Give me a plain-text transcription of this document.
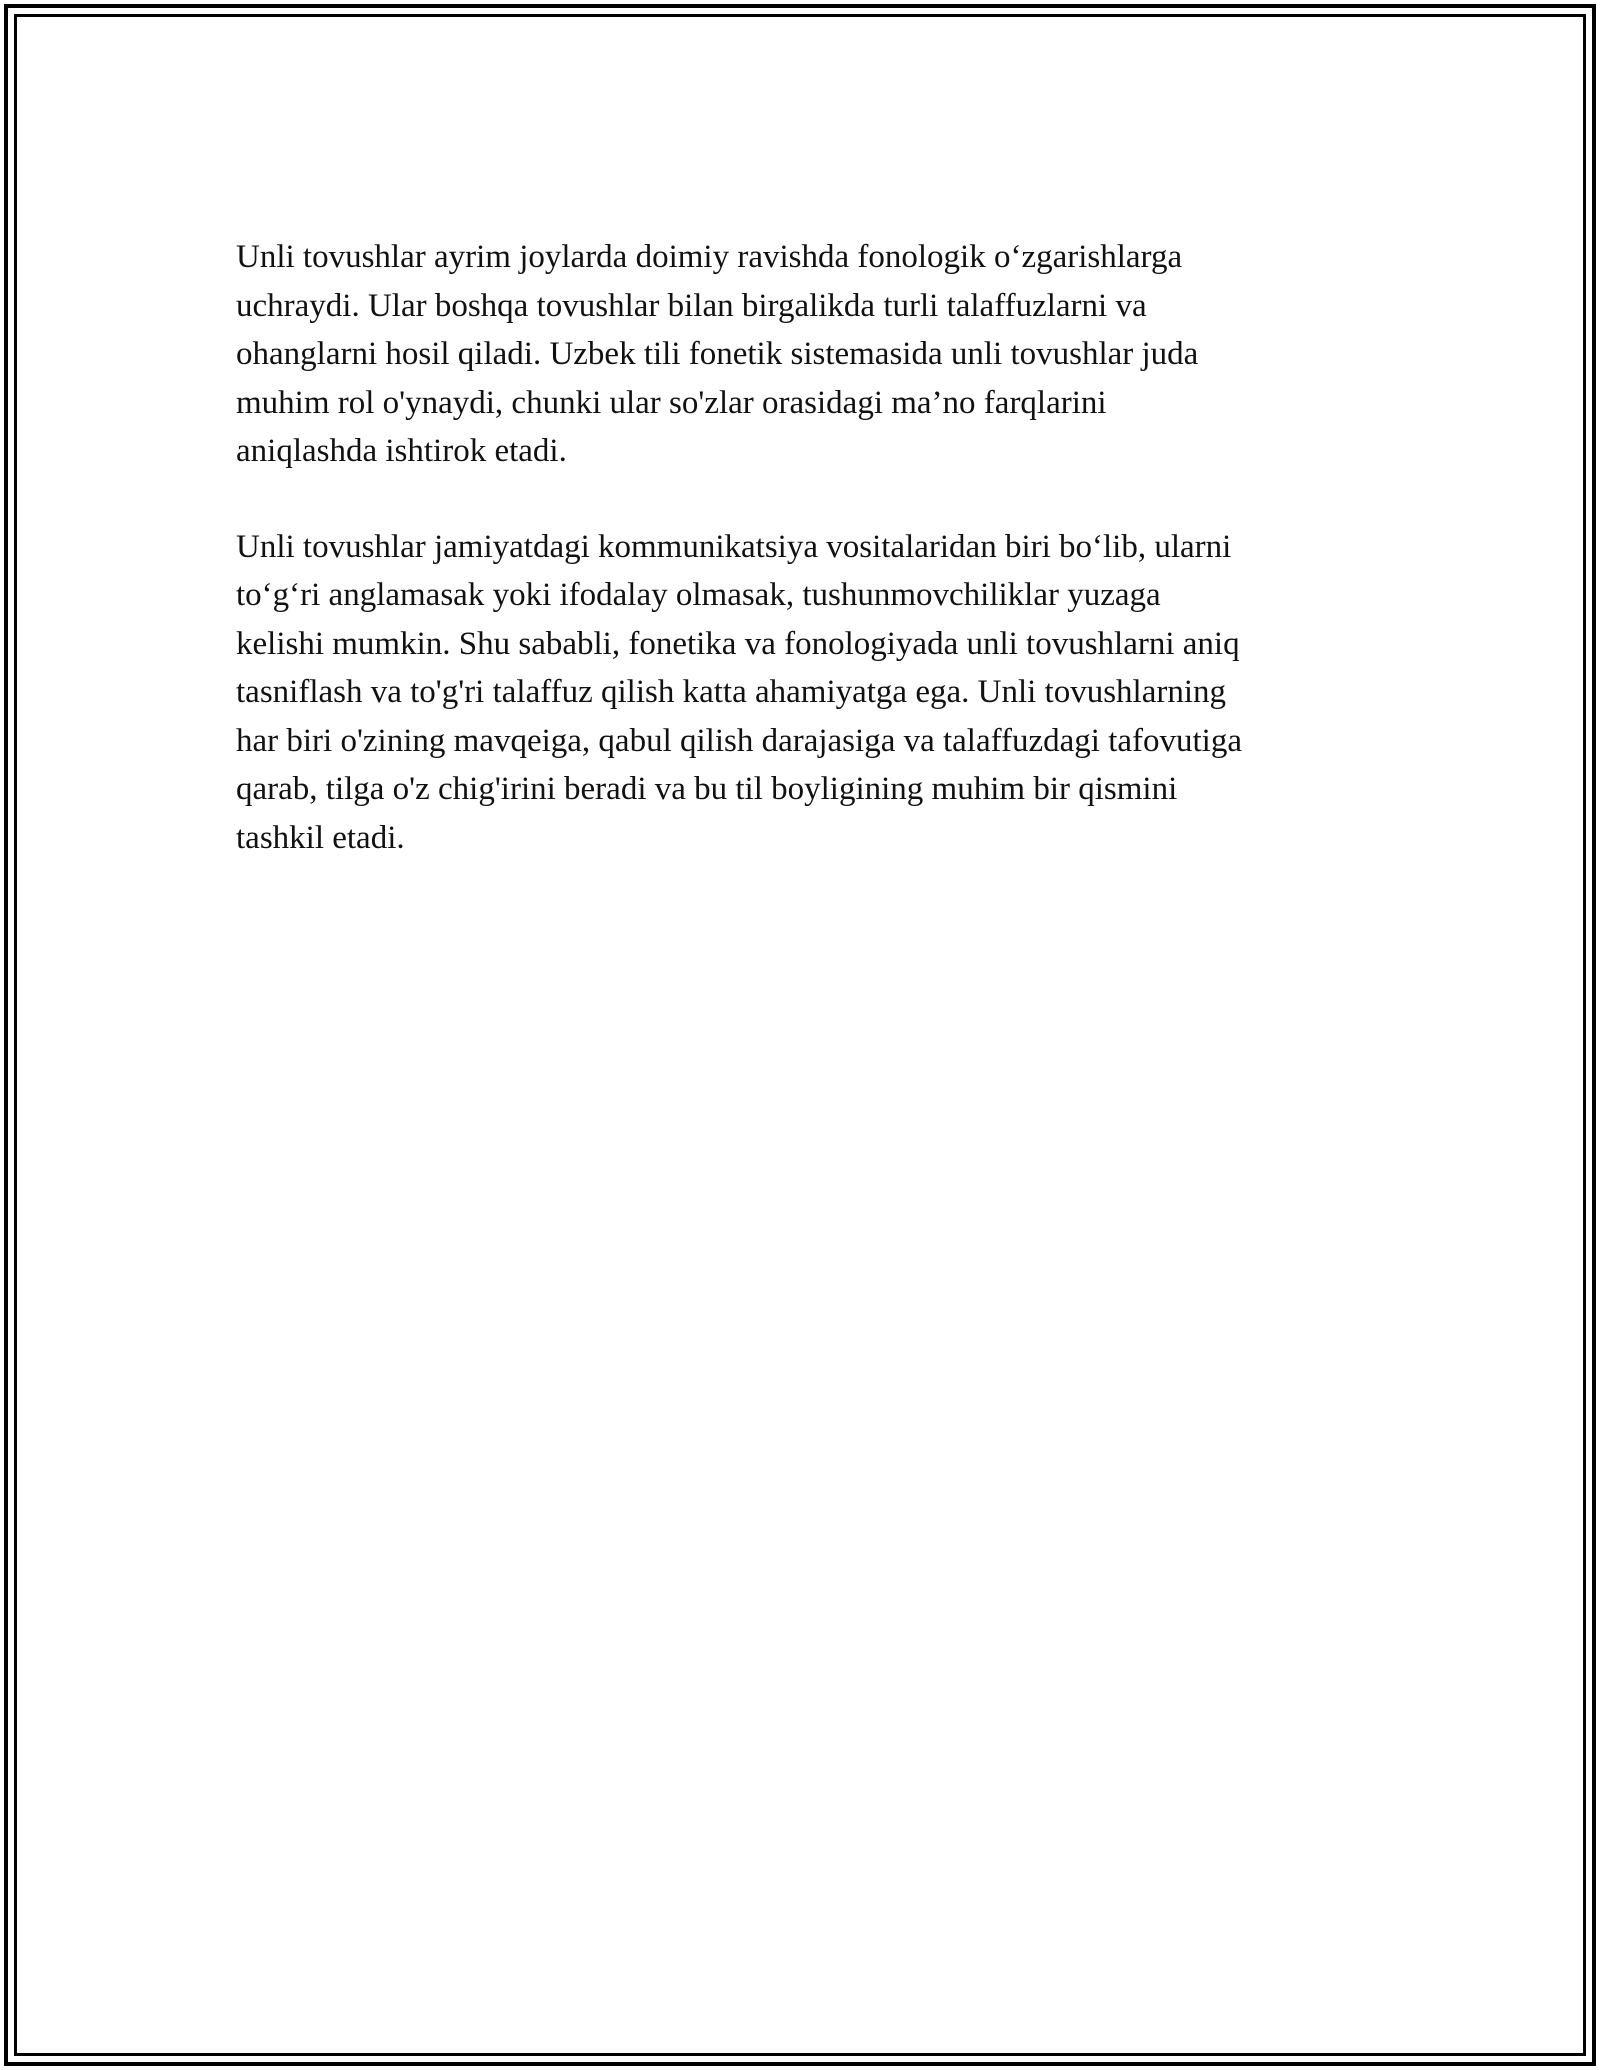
Unli tovushlar ayrim joylarda doimiy ravishda fonologik o‘zgarishlarga
uchraydi. Ular boshqa tovushlar bilan birgalikda turli talaffuzlarni va
ohanglarni hosil qiladi. Uzbek tili fonetik sistemasida unli tovushlar juda
muhim rol o'ynaydi, chunki ular so'zlar orasidagi ma’no farqlarini
aniqlashda ishtirok etadi.

Unli tovushlar jamiyatdagi kommunikatsiya vositalaridan biri bo‘lib, ularni
to‘g‘ri anglamasak yoki ifodalay olmasak, tushunmovchiliklar yuzaga
kelishi mumkin. Shu sababli, fonetika va fonologiyada unli tovushlarni aniq
tasniflash va to'g'ri talaffuz qilish katta ahamiyatga ega. Unli tovushlarning
har biri o'zining mavqeiga, qabul qilish darajasiga va talaffuzdagi tafovutiga
qarab, tilga o'z chig'irini beradi va bu til boyligining muhim bir qismini
tashkil etadi.
